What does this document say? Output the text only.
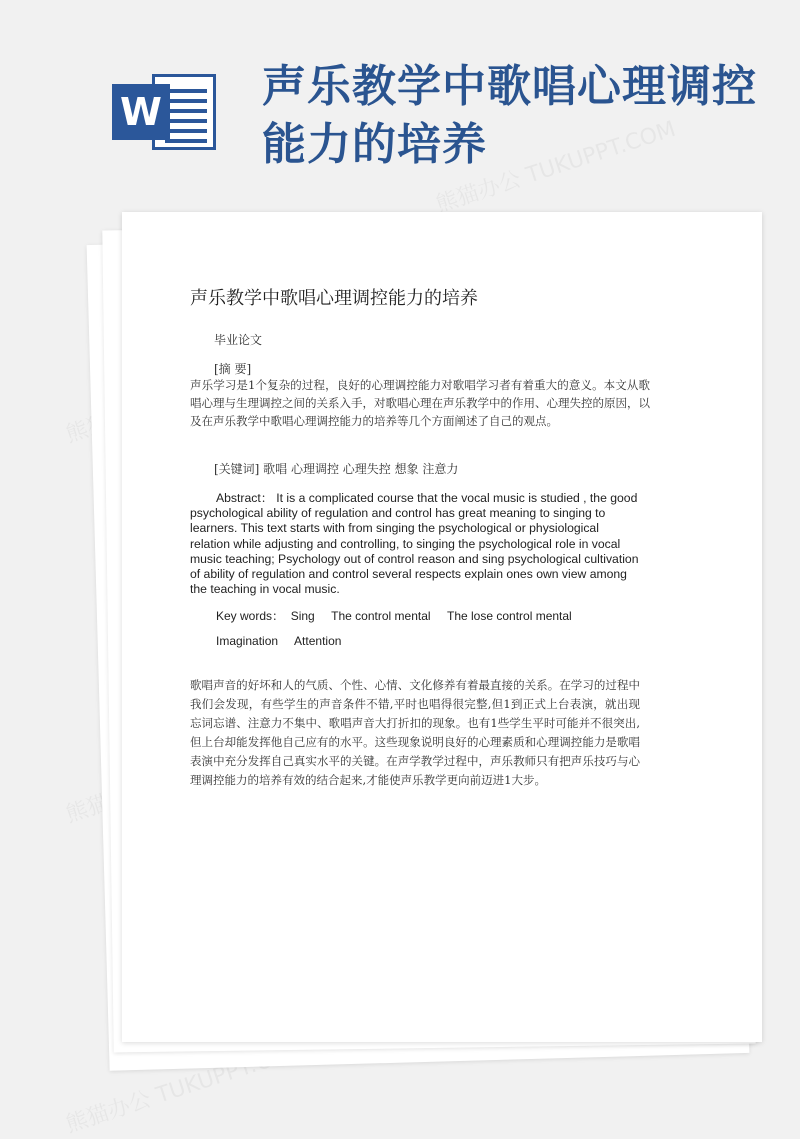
W 声乐教学中歌唱心理调控能力的培养
声乐教学中歌唱心理调控能力的培养
毕业论文
[摘 要]

声乐学习是1个复杂的过程，良好的心理调控能力对歌唱学习者有着重大的意义。本文从歌唱心理与生理调控之间的关系入手，对歌唱心理在声乐教学中的作用、心理失控的原因，以及在声乐教学中歌唱心理调控能力的培养等几个方面阐述了自己的观点。

[关键词] 歌唱 心理调控 心理失控 想象 注意力

Abstract： It is a complicated course that the vocal music is studied , the good psychological ability of regulation and control has great meaning to singing to learners. This text starts with from singing the psychological or physiological relation while adjusting and controlling, to singing the psychological role in vocal music teaching; Psychology out of control reason and sing psychological cultivation of ability of regulation and control several respects explain ones own view among the teaching in vocal music.

Key words：  Sing     The control mental     The lose control mental
Imagination     Attention

歌唱声音的好坏和人的气质、个性、心情、文化修养有着最直接的关系。在学习的过程中我们会发现，有些学生的声音条件不错,平时也唱得很完整,但1到正式上台表演，就出现忘词忘谱、注意力不集中、歌唱声音大打折扣的现象。也有1些学生平时可能并不很突出,但上台却能发挥他自己应有的水平。这些现象说明良好的心理素质和心理调控能力是歌唱表演中充分发挥自己真实水平的关键。在声学教学过程中，声乐教师只有把声乐技巧与心理调控能力的培养有效的结合起来,才能使声乐教学更向前迈进1大步。
